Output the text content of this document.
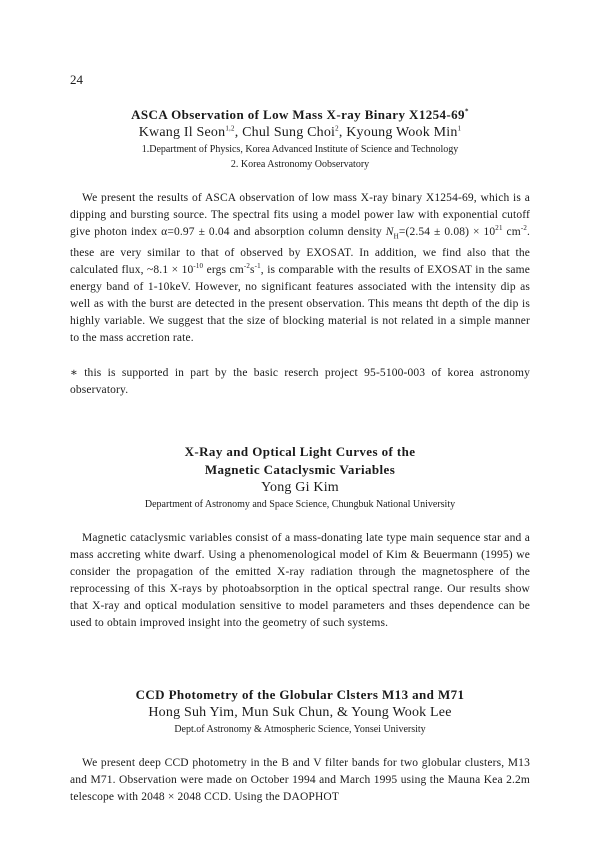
24

ASCA Observation of Low Mass X-ray Binary X1254-69*

Kwang Il Seon$^{1,2}$, Chul Sung Choi$^2$, Kyoung Wook Min$^1$

1.Department of Physics, Korea Advanced Institute of Science and Technology

2. Korea Astronomy Oobservatory

We present the results of ASCA observation of low mass X-ray binary X1254-69, which is a dipping and bursting source. The spectral fits using a model power law with exponential cutoff give photon index α=0.97 ± 0.04 and absorption column density $N_H=(2.54 \pm 0.08) \times 10^{21}$ $cm^{-2}$. these are very similar to that of observed by EXOSAT. In addition, we find also that the calculated flux, ~8.1 × $10^{-10}$ ergs $cm^{-2}s^{-1}$, is comparable with the results of EXOSAT in the same energy band of 1-10keV. However, no significant features associated with the intensity dip as well as with the burst are detected in the present observation. This means tht depth of the dip is highly variable. We suggest that the size of blocking material is not related in a simple manner to the mass accretion rate.

∗ this is supported in part by the basic reserch project 95-5100-003 of korea astronomy observatory.

X-Ray and Optical Light Curves of the

Magnetic Cataclysmic Variables

Yong Gi Kim

Department of Astronomy and Space Science, Chungbuk National University

Magnetic cataclysmic variables consist of a mass-donating late type main sequence star and a mass accreting white dwarf. Using a phenomenological model of Kim & Beuermann (1995) we consider the propagation of the emitted X-ray radiation through the magnetosphere of the reprocessing of this X-rays by photoabsorption in the optical spectral range. Our results show that X-ray and optical modulation sensitive to model parameters and thses dependence can be used to obtain improved insight into the geometry of such systems.

CCD Photometry of the Globular Clsters M13 and M71

Hong Suh Yim, Mun Suk Chun, & Young Wook Lee

Dept.of Astronomy & Atmospheric Science, Yonsei University

We present deep CCD photometry in the B and V filter bands for two globular clusters, M13 and M71. Observation were made on October 1994 and March 1995 using the Mauna Kea 2.2m telescope with 2048 × 2048 CCD. Using the DAOPHOT
